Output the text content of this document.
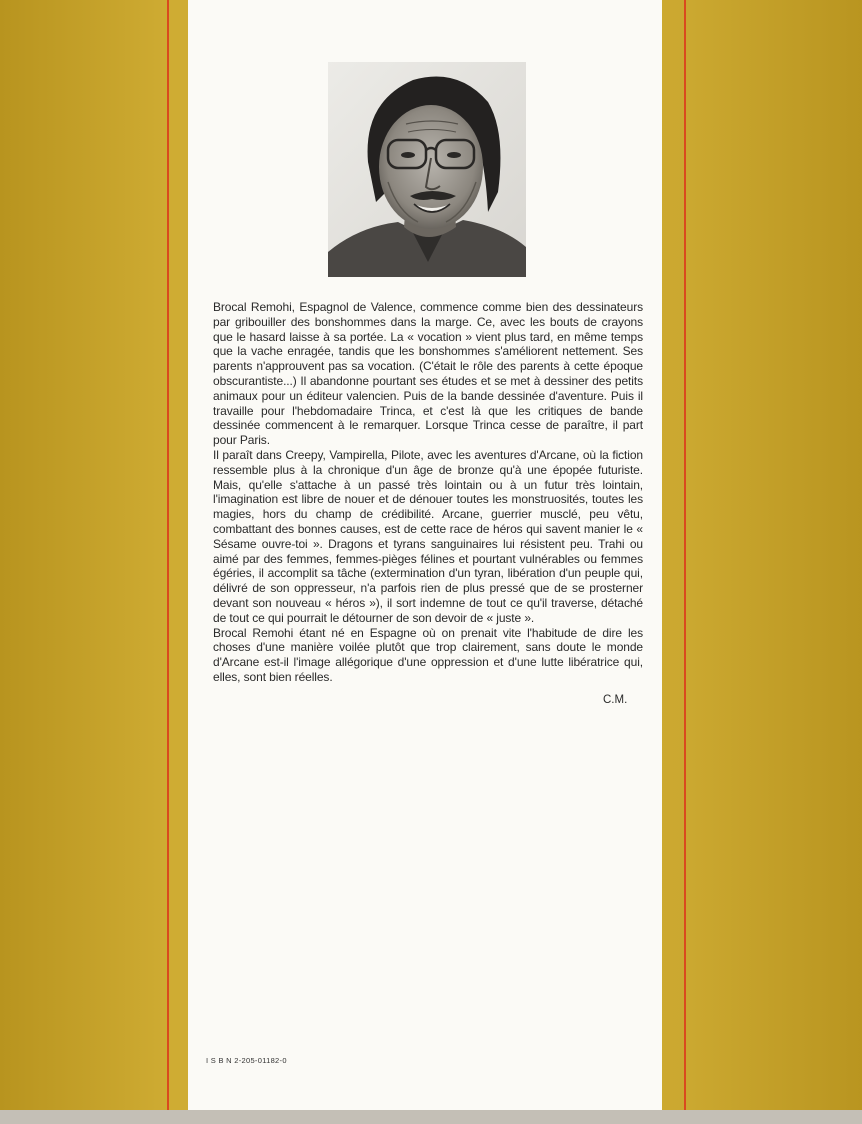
Brocal Remohi, Espagnol de Valence, commence comme bien des dessinateurs par gribouiller des bonshommes dans la marge. Ce, avec les bouts de crayons que le hasard laisse à sa portée. La « vocation » vient plus tard, en même temps que la vache enragée, tandis que les bonshommes s'améliorent nettement. Ses parents n'approuvent pas sa vocation. (C'était le rôle des parents à cette époque obscurantiste...) Il abandonne pourtant ses études et se met à dessiner des petits animaux pour un éditeur valencien. Puis de la bande dessinée d'aventure. Puis il travaille pour l'hebdomadaire Trinca, et c'est là que les critiques de bande dessinée commencent à le remarquer. Lorsque Trinca cesse de paraître, il part pour Paris.

Il paraît dans Creepy, Vampirella, Pilote, avec les aventures d'Arcane, où la fiction ressemble plus à la chronique d'un âge de bronze qu'à une épopée futuriste. Mais, qu'elle s'attache à un passé très lointain ou à un futur très lointain, l'imagination est libre de nouer et de dénouer toutes les monstruosités, toutes les magies, hors du champ de crédibilité. Arcane, guerrier musclé, peu vêtu, combattant des bonnes causes, est de cette race de héros qui savent manier le « Sésame ouvre-toi ». Dragons et tyrans sanguinaires lui résistent peu. Trahi ou aimé par des femmes, femmes-pièges félines et pourtant vulnérables ou femmes égéries, il accomplit sa tâche (extermination d'un tyran, libération d'un peuple qui, délivré de son oppresseur, n'a parfois rien de plus pressé que de se prosterner devant son nouveau « héros »), il sort indemne de tout ce qu'il traverse, détaché de tout ce qui pourrait le détourner de son devoir de « juste ».

Brocal Remohi étant né en Espagne où on prenait vite l'habitude de dire les choses d'une manière voilée plutôt que trop clairement, sans doute le monde d'Arcane est-il l'image allégorique d'une oppression et d'une lutte libératrice qui, elles, sont bien réelles.

C.M.
I S B N 2-205-01182-0
